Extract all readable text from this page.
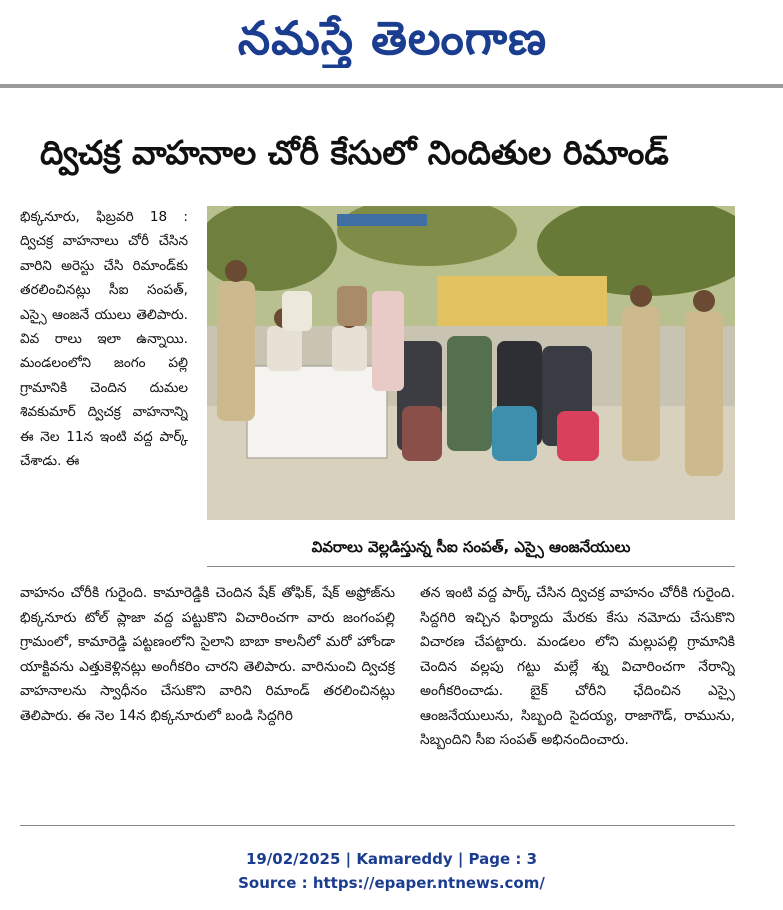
నమస్తే తెలంగాణ
ద్విచక్ర వాహనాల చోరీ కేసులో నిందితుల రిమాండ్
భిక్కనూరు, ఫిబ్రవరి 18 : ద్విచక్ర వాహనాలు చోరీ చేసిన వారిని అరెస్టు చేసి రిమాండ్‌కు తరలించినట్లు సీఐ సంపత్, ఎస్సై ఆంజనే యులు తెలిపారు. వివ రాలు ఇలా ఉన్నాయి. మండలంలోని జంగం పల్లి గ్రామానికి చెందిన దుమల శివకుమార్ ద్విచక్ర వాహనాన్ని ఈ నెల 11న ఇంటి వద్ద పార్క్ చేశాడు. ఈ
వివరాలు వెల్లడిస్తున్న సీఐ సంపత్, ఎస్సై ఆంజనేయులు
వాహనం చోరీకి గురైంది. కామారెడ్డికి చెందిన షేక్ తోఫిక్, షేక్ అఫ్రోజ్‌ను భిక్కనూరు టోల్ ప్లాజా వద్ద పట్టుకొని విచారించగా వారు జంగంపల్లి గ్రామంలో, కామారెడ్డి పట్టణంలోని సైలాని బాబా కాలనీలో మరో హోండా యాక్టివను ఎత్తుకెళ్లినట్లు అంగీకరిం చారని తెలిపారు. వారినుంచి ద్విచక్ర వాహనాలను స్వాధీనం చేసుకొని వారిని రిమాండ్ తరలించినట్లు తెలిపారు. ఈ నెల 14న భిక్కనూరులో బండి సిద్దగిరి
తన ఇంటి వద్ద పార్క్ చేసిన ద్విచక్ర వాహనం చోరీకి గురైంది. సిద్దగిరి ఇచ్చిన ఫిర్యాదు మేరకు కేసు నమోదు చేసుకొని విచారణ చేపట్టారు. మండలం లోని మల్లుపల్లి గ్రామానికి చెందిన వల్లపు గట్టు మల్లే శ్ను విచారించగా నేరాన్ని అంగీకరించాడు. బైక్ చోరీని ఛేదించిన ఎస్సై ఆంజనేయులును, సిబ్బంది సైదయ్య, రాజాగౌడ్, రామును, సిబ్బందిని సీఐ సంపత్ అభినందించారు.
19/02/2025 | Kamareddy | Page : 3
Source : https://epaper.ntnews.com/
